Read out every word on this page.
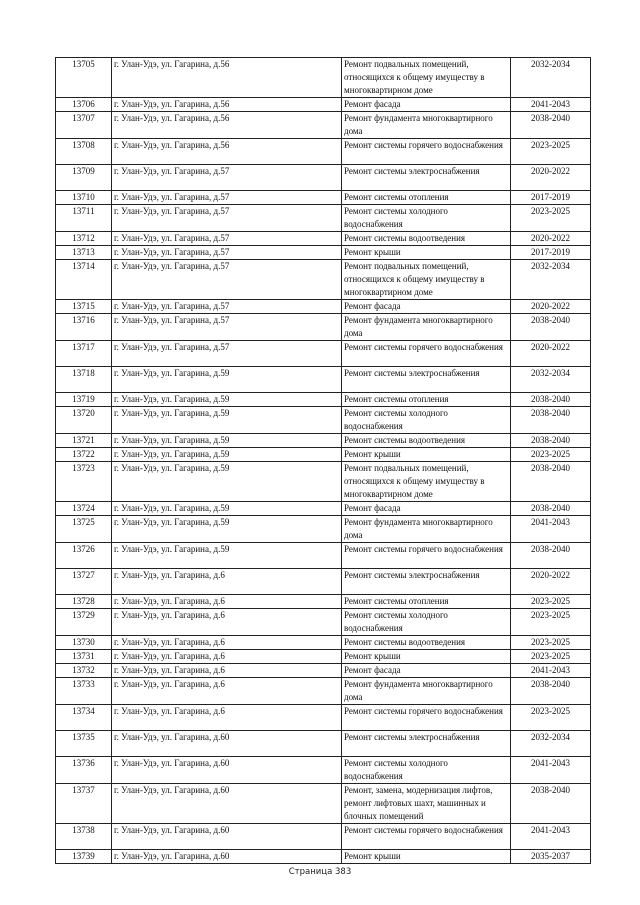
13705	г. Улан-Удэ, ул. Гагарина, д.56	Ремонт подвальных помещений, относящихся к общему имуществу в многоквартирном доме	2032-2034
13706	г. Улан-Удэ, ул. Гагарина, д.56	Ремонт фасада	2041-2043
13707	г. Улан-Удэ, ул. Гагарина, д.56	Ремонт фундамента многоквартирного дома	2038-2040
13708	г. Улан-Удэ, ул. Гагарина, д.56	Ремонт системы горячего водоснабжения	2023-2025
13709	г. Улан-Удэ, ул. Гагарина, д.57	Ремонт системы электроснабжения	2020-2022
13710	г. Улан-Удэ, ул. Гагарина, д.57	Ремонт системы отопления	2017-2019
13711	г. Улан-Удэ, ул. Гагарина, д.57	Ремонт системы холодного водоснабжения	2023-2025
13712	г. Улан-Удэ, ул. Гагарина, д.57	Ремонт системы водоотведения	2020-2022
13713	г. Улан-Удэ, ул. Гагарина, д.57	Ремонт крыши	2017-2019
13714	г. Улан-Удэ, ул. Гагарина, д.57	Ремонт подвальных помещений, относящихся к общему имуществу в многоквартирном доме	2032-2034
13715	г. Улан-Удэ, ул. Гагарина, д.57	Ремонт фасада	2020-2022
13716	г. Улан-Удэ, ул. Гагарина, д.57	Ремонт фундамента многоквартирного дома	2038-2040
13717	г. Улан-Удэ, ул. Гагарина, д.57	Ремонт системы горячего водоснабжения	2020-2022
13718	г. Улан-Удэ, ул. Гагарина, д.59	Ремонт системы электроснабжения	2032-2034
13719	г. Улан-Удэ, ул. Гагарина, д.59	Ремонт системы отопления	2038-2040
13720	г. Улан-Удэ, ул. Гагарина, д.59	Ремонт системы холодного водоснабжения	2038-2040
13721	г. Улан-Удэ, ул. Гагарина, д.59	Ремонт системы водоотведения	2038-2040
13722	г. Улан-Удэ, ул. Гагарина, д.59	Ремонт крыши	2023-2025
13723	г. Улан-Удэ, ул. Гагарина, д.59	Ремонт подвальных помещений, относящихся к общему имуществу в многоквартирном доме	2038-2040
13724	г. Улан-Удэ, ул. Гагарина, д.59	Ремонт фасада	2038-2040
13725	г. Улан-Удэ, ул. Гагарина, д.59	Ремонт фундамента многоквартирного дома	2041-2043
13726	г. Улан-Удэ, ул. Гагарина, д.59	Ремонт системы горячего водоснабжения	2038-2040
13727	г. Улан-Удэ, ул. Гагарина, д.6	Ремонт системы электроснабжения	2020-2022
13728	г. Улан-Удэ, ул. Гагарина, д.6	Ремонт системы отопления	2023-2025
13729	г. Улан-Удэ, ул. Гагарина, д.6	Ремонт системы холодного водоснабжения	2023-2025
13730	г. Улан-Удэ, ул. Гагарина, д.6	Ремонт системы водоотведения	2023-2025
13731	г. Улан-Удэ, ул. Гагарина, д.6	Ремонт крыши	2023-2025
13732	г. Улан-Удэ, ул. Гагарина, д.6	Ремонт фасада	2041-2043
13733	г. Улан-Удэ, ул. Гагарина, д.6	Ремонт фундамента многоквартирного дома	2038-2040
13734	г. Улан-Удэ, ул. Гагарина, д.6	Ремонт системы горячего водоснабжения	2023-2025
13735	г. Улан-Удэ, ул. Гагарина, д.60	Ремонт системы электроснабжения	2032-2034
13736	г. Улан-Удэ, ул. Гагарина, д.60	Ремонт системы холодного водоснабжения	2041-2043
13737	г. Улан-Удэ, ул. Гагарина, д.60	Ремонт, замена, модернизация лифтов, ремонт лифтовых шахт, машинных и блочных помещений	2038-2040
13738	г. Улан-Удэ, ул. Гагарина, д.60	Ремонт системы горячего водоснабжения	2041-2043
13739	г. Улан-Удэ, ул. Гагарина, д.60	Ремонт крыши	2035-2037
Страница 383
